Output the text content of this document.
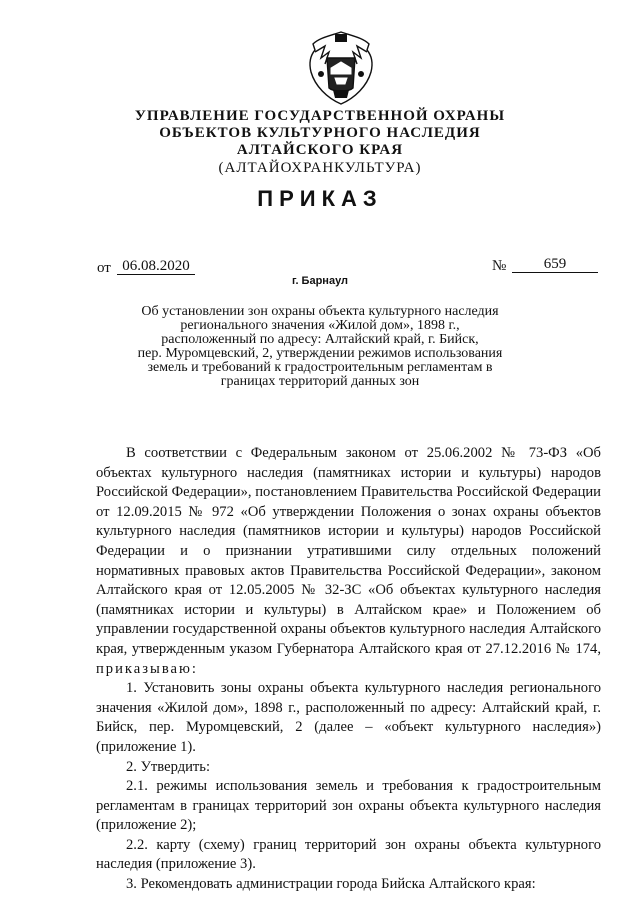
УПРАВЛЕНИЕ ГОСУДАРСТВЕННОЙ ОХРАНЫ
ОБЪЕКТОВ КУЛЬТУРНОГО НАСЛЕДИЯ
АЛТАЙСКОГО КРАЯ
(АЛТАЙОХРАНКУЛЬТУРА)
ПРИКАЗ
от 06.08.2020	№	659
г. Барнаул
Об установлении зон охраны объекта культурного наследия
регионального значения «Жилой дом», 1898 г.,
расположенный по адресу: Алтайский край, г. Бийск,
пер. Муромцевский, 2, утверждении режимов использования
земель и требований к градостроительным регламентам в
границах территорий данных зон

В соответствии с Федеральным законом от 25.06.2002 № 73-ФЗ «Об объектах культурного наследия (памятниках истории и культуры) народов Российской Федерации», постановлением Правительства Российской Федерации от 12.09.2015 № 972 «Об утверждении Положения о зонах охраны объектов культурного наследия (памятников истории и культуры) народов Российской Федерации и о признании утратившими силу отдельных положений нормативных правовых актов Правительства Российской Федерации», законом Алтайского края от 12.05.2005 № 32-ЗС «Об объектах культурного наследия (памятниках истории и культуры) в Алтайском крае» и Положением об управлении государственной охраны объектов культурного наследия Алтайского края, утвержденным указом Губернатора Алтайского края от 27.12.2016 № 174, приказываю:

1. Установить зоны охраны объекта культурного наследия регионального значения «Жилой дом», 1898 г., расположенный по адресу: Алтайский край, г. Бийск, пер. Муромцевский, 2 (далее – «объект культурного наследия») (приложение 1).

2. Утвердить:

2.1. режимы использования земель и требования к градостроительным регламентам в границах территорий зон охраны объекта культурного наследия (приложение 2);

2.2. карту (схему) границ территорий зон охраны объекта культурного наследия (приложение 3).

3. Рекомендовать администрации города Бийска Алтайского края:
